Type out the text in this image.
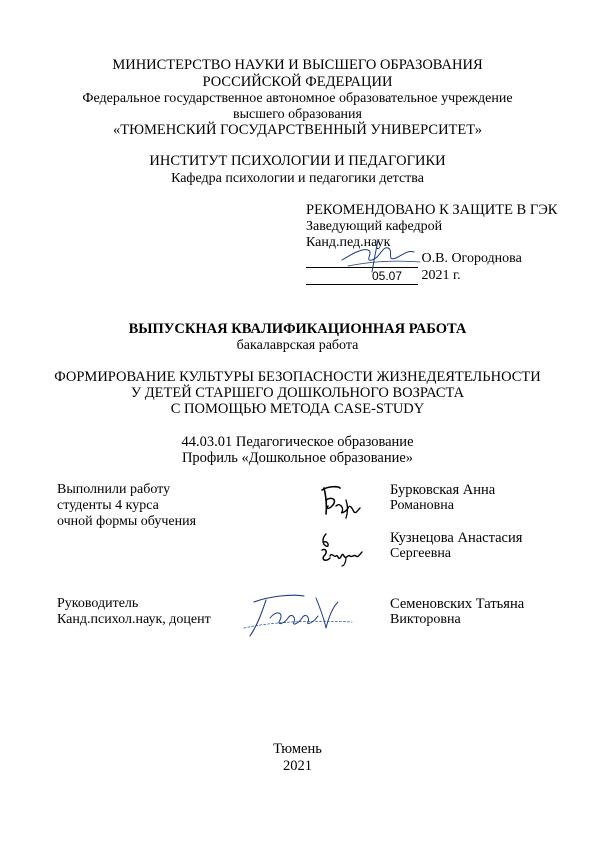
МИНИСТЕРСТВО НАУКИ И ВЫСШЕГО ОБРАЗОВАНИЯ
РОССИЙСКОЙ ФЕДЕРАЦИИ
Федеральное государственное автономное образовательное учреждение
высшего образования
«ТЮМЕНСКИЙ ГОСУДАРСТВЕННЫЙ УНИВЕРСИТЕТ»
ИНСТИТУТ ПСИХОЛОГИИ И ПЕДАГОГИКИ
Кафедра психологии и педагогики детства
РЕКОМЕНДОВАНО К ЗАЩИТЕ В ГЭК
Заведующий кафедрой
Канд.пед.наук
О.В. Огороднова
2021 г.
05.07
ВЫПУСКНАЯ КВАЛИФИКАЦИОННАЯ РАБОТА
бакалаврская работа
ФОРМИРОВАНИЕ КУЛЬТУРЫ БЕЗОПАСНОСТИ ЖИЗНЕДЕЯТЕЛЬНОСТИ
У ДЕТЕЙ СТАРШЕГО ДОШКОЛЬНОГО ВОЗРАСТА
С ПОМОЩЬЮ МЕТОДА CASE-STUDY
44.03.01 Педагогическое образование
Профиль «Дошкольное образование»
Выполнили работу
студенты 4 курса
очной формы обучения
Бурковская Анна
Романовна
Кузнецова Анастасия
Сергеевна
Руководитель
Канд.психол.наук, доцент
Семеновских Татьяна
Викторовна
Тюмень
2021
